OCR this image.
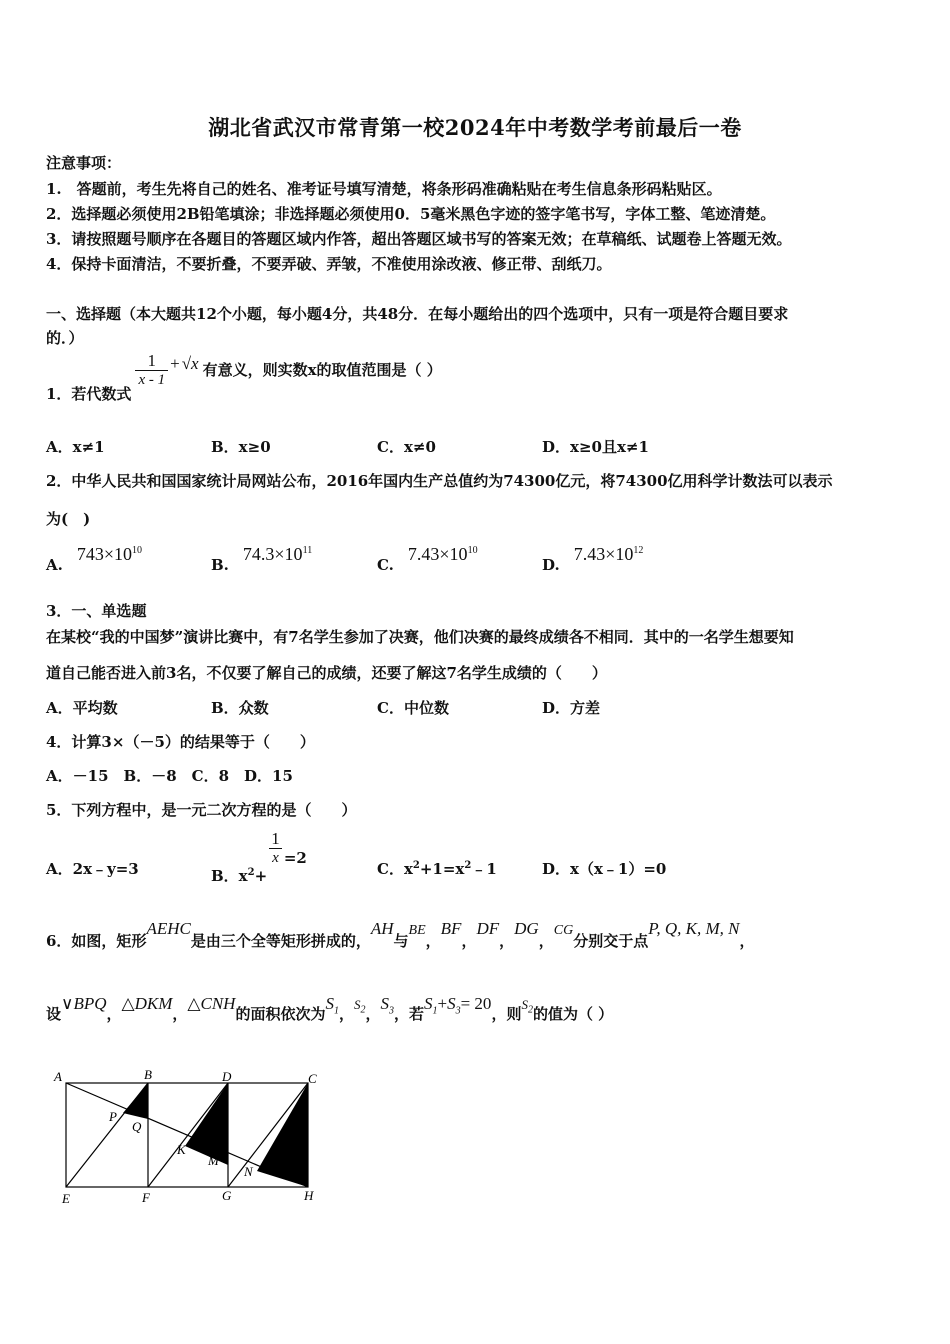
湖北省武汉市常青第一校2024年中考数学考前最后一卷
注意事项：
1.　答题前，考生先将自己的姓名、准考证号填写清楚，将条形码准确粘贴在考生信息条形码粘贴区。
2．选择题必须使用2B铅笔填涂；非选择题必须使用0．5毫米黑色字迹的签字笔书写，字体工整、笔迹清楚。
3．请按照题号顺序在各题目的答题区域内作答，超出答题区域书写的答案无效；在草稿纸、试题卷上答题无效。
4．保持卡面清洁，不要折叠，不要弄破、弄皱，不准使用涂改液、修正带、刮纸刀。
一、选择题（本大题共12个小题，每小题4分，共48分．在每小题给出的四个选项中，只有一项是符合题目要求
的．）
1．若代数式
$\frac{1}{x - 1} + √x$ 有意义，则实数x的取值范围是（ ）
A．x≠1	B．x≥0	C．x≠0	D．x≥0且x≠1
2．中华人民共和国国家统计局网站公布，2016年国内生产总值约为74300亿元，将74300亿用科学计数法可以表示
为(　)
$A.743\times 10^{10}$
$B.74.3\times 10^{11}$
$C.7.43\times 10^{10}$
$D.7.43\times 10^{12}$
3．一、单选题
在某校“我的中国梦”演讲比赛中，有7名学生参加了决赛，他们决赛的最终成绩各不相同．其中的一名学生想要知
道自己能否进入前3名，不仅要了解自己的成绩，还要了解这7名学生成绩的（　　）
A．平均数	B．众数	C．中位数	D．方差
4．计算3×（－5）的结果等于（　　）
A．－15　B．－8　C．8　D．15
5．下列方程中，是一元二次方程的是（　　）
A．2x﹣y=3	B．$x^2+$
$\frac{1}{x} =2$
C．$x^2+1=x^2﹣1$	D．x（x﹣1）=0
6．如图，矩形AEHC是由三个全等矩形拼成的，AH与BE，BF，DF，DG，CG分别交于点P, Q, K, M, N，
设∨BPQ，△DKM，△CNH的面积依次为$S_1$，$S_2$，$S_3$，若$S_1+S_3= 20$，则$S_2$的值为（ ）
A	B	D	C
P
Q
K
M
N
E	F	G	H
